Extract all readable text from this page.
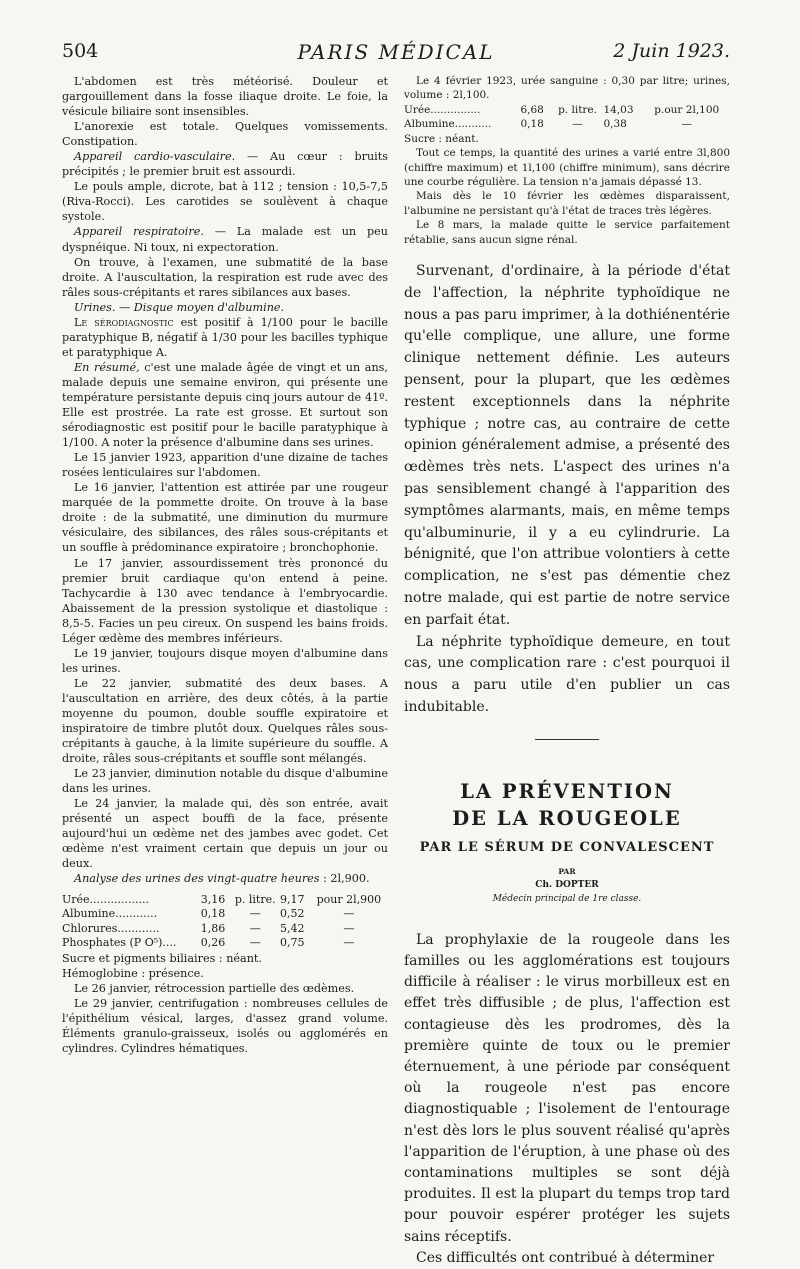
504	PARIS MÉDICAL	2 Juin 1923.

L'abdomen est très météorisé. Douleur et gargouillement dans la fosse iliaque droite. Le foie, la vésicule biliaire sont insensibles.

L'anorexie est totale. Quelques vomissements. Constipation.

Appareil cardio-vasculaire. — Au cœur : bruits précipités ; le premier bruit est assourdi.

Le pouls ample, dicrote, bat à 112 ; tension : 10,5-7,5 (Riva-Rocci). Les carotides se soulèvent à chaque systole.

Appareil respiratoire. — La malade est un peu dyspnéique. Ni toux, ni expectoration.

On trouve, à l'examen, une submatité de la base droite. A l'auscultation, la respiration est rude avec des râles sous-crépitants et rares sibilances aux bases.

Urines. — Disque moyen d'albumine.

Le sérodiagnostic est positif à 1/100 pour le bacille paratyphique B, négatif à 1/30 pour les bacilles typhique et paratyphique A.

En résumé, c'est une malade âgée de vingt et un ans, malade depuis une semaine environ, qui présente une température persistante depuis cinq jours autour de 41º. Elle est prostrée. La rate est grosse. Et surtout son sérodiagnostic est positif pour le bacille paratyphique à 1/100. A noter la présence d'albumine dans ses urines.

Le 15 janvier 1923, apparition d'une dizaine de taches rosées lenticulaires sur l'abdomen.

Le 16 janvier, l'attention est attirée par une rougeur marquée de la pommette droite. On trouve à la base droite : de la submatité, une diminution du murmure vésiculaire, des sibilances, des râles sous-crépitants et un souffle à prédominance expiratoire ; bronchophonie.

Le 17 janvier, assourdissement très prononcé du premier bruit cardiaque qu'on entend à peine. Tachycardie à 130 avec tendance à l'embryocardie. Abaissement de la pression systolique et diastolique : 8,5-5. Facies un peu cireux. On suspend les bains froids. Léger œdème des membres inférieurs.

Le 19 janvier, toujours disque moyen d'albumine dans les urines.

Le 22 janvier, submatité des deux bases. A l'auscultation en arrière, des deux côtés, à la partie moyenne du poumon, double souffle expiratoire et inspiratoire de timbre plutôt doux. Quelques râles sous-crépitants à gauche, à la limite supérieure du souffle. A droite, râles sous-crépitants et souffle sont mélangés.

Le 23 janvier, diminution notable du disque d'albumine dans les urines.

Le 24 janvier, la malade qui, dès son entrée, avait présenté un aspect bouffi de la face, présente aujourd'hui un œdème net des jambes avec godet. Cet œdème n'est vraiment certain que depuis un jour ou deux.

Analyse des urines des vingt-quatre heures : 2l,900.

Urée.................	3,16	p. litre.	9,17	pour 2l,900
Albumine............	0,18	—	0,52	—
Chlorures............	1,86	—	5,42	—
Phosphates (P O⁵)....	0,26	—	0,75	—

Sucre et pigments biliaires : néant.

Hémoglobine : présence.

Le 26 janvier, rétrocession partielle des œdèmes.

Le 29 janvier, centrifugation : nombreuses cellules de l'épithélium vésical, larges, d'assez grand volume. Éléments granulo-graisseux, isolés ou agglomérés en cylindres. Cylindres hématiques.

Le 4 février 1923, urée sanguine : 0,30 par litre; urines, volume : 2l,100.

Urée...............	6,68	p. litre.	14,03	p.our 2l,100
Albumine...........	0,18	—	0,38	—

Sucre : néant.

Tout ce temps, la quantité des urines a varié entre 3l,800 (chiffre maximum) et 1l,100 (chiffre minimum), sans décrire une courbe régulière. La tension n'a jamais dépassé 13.

Mais dès le 10 février les œdèmes disparaissent, l'albumine ne persistant qu'à l'état de traces très légères.

Le 8 mars, la malade quitte le service parfaitement rétablie, sans aucun signe rénal.

Survenant, d'ordinaire, à la période d'état de l'affection, la néphrite typhoïdique ne nous a pas paru imprimer, à la dothiénentérie qu'elle complique, une allure, une forme clinique nettement définie. Les auteurs pensent, pour la plupart, que les œdèmes restent exceptionnels dans la néphrite typhique ; notre cas, au contraire de cette opinion généralement admise, a présenté des œdèmes très nets. L'aspect des urines n'a pas sensiblement changé à l'apparition des symptômes alarmants, mais, en même temps qu'albuminurie, il y a eu cylindrurie. La bénignité, que l'on attribue volontiers à cette complication, ne s'est pas démentie chez notre malade, qui est partie de notre service en parfait état.

La néphrite typhoïdique demeure, en tout cas, une complication rare : c'est pourquoi il nous a paru utile d'en publier un cas indubitable.

LA PRÉVENTION
DE LA ROUGEOLE
PAR LE SÉRUM DE CONVALESCENT
PAR
Ch. DOPTER
Médecin principal de 1re classe.

La prophylaxie de la rougeole dans les familles ou les agglomérations est toujours difficile à réaliser : le virus morbilleux est en effet très diffusible ; de plus, l'affection est contagieuse dès les prodromes, dès la première quinte de toux ou le premier éternuement, à une période par conséquent où la rougeole n'est pas encore diagnostiquable ; l'isolement de l'entourage n'est dès lors le plus souvent réalisé qu'après l'apparition de l'éruption, à une phase où des contaminations multiples se sont déjà produites. Il est la plupart du temps trop tard pour pouvoir espérer protéger les sujets sains réceptifs.

Ces difficultés ont contribué à déterminer
